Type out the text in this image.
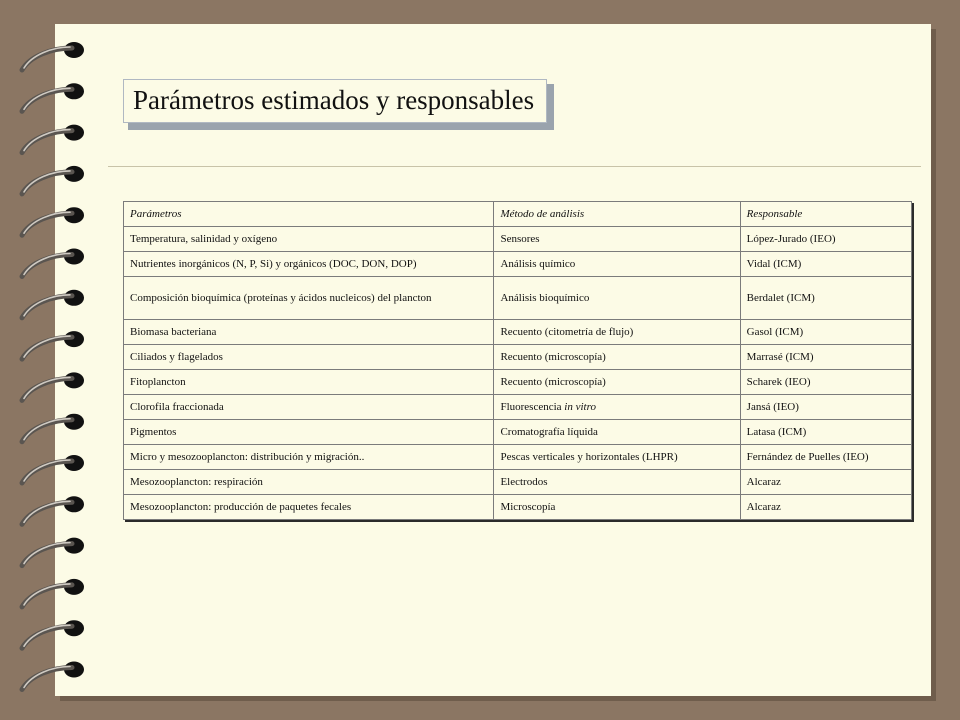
Parámetros estimados y responsables
Parámetros	Método de análisis	Responsable
Temperatura, salinidad y oxígeno	Sensores	López-Jurado (IEO)
Nutrientes inorgánicos (N, P, Si) y orgánicos (DOC, DON, DOP)	Análisis químico	Vidal (ICM)
Composición bioquímica (proteínas y ácidos nucleicos) del plancton	Análisis bioquímico	Berdalet (ICM)
Biomasa bacteriana	Recuento (citometría de flujo)	Gasol (ICM)
Ciliados y flagelados	Recuento (microscopía)	Marrasé (ICM)
Fitoplancton	Recuento (microscopía)	Scharek (IEO)
Clorofila fraccionada	Fluorescencia in vitro	Jansá (IEO)
Pigmentos	Cromatografía líquida	Latasa (ICM)
Micro y mesozooplancton: distribución y migración..	Pescas verticales y horizontales (LHPR)	Fernández de Puelles (IEO)
Mesozooplancton: respiración	Electrodos	Alcaraz
Mesozooplancton: producción de paquetes fecales	Microscopía	Alcaraz
